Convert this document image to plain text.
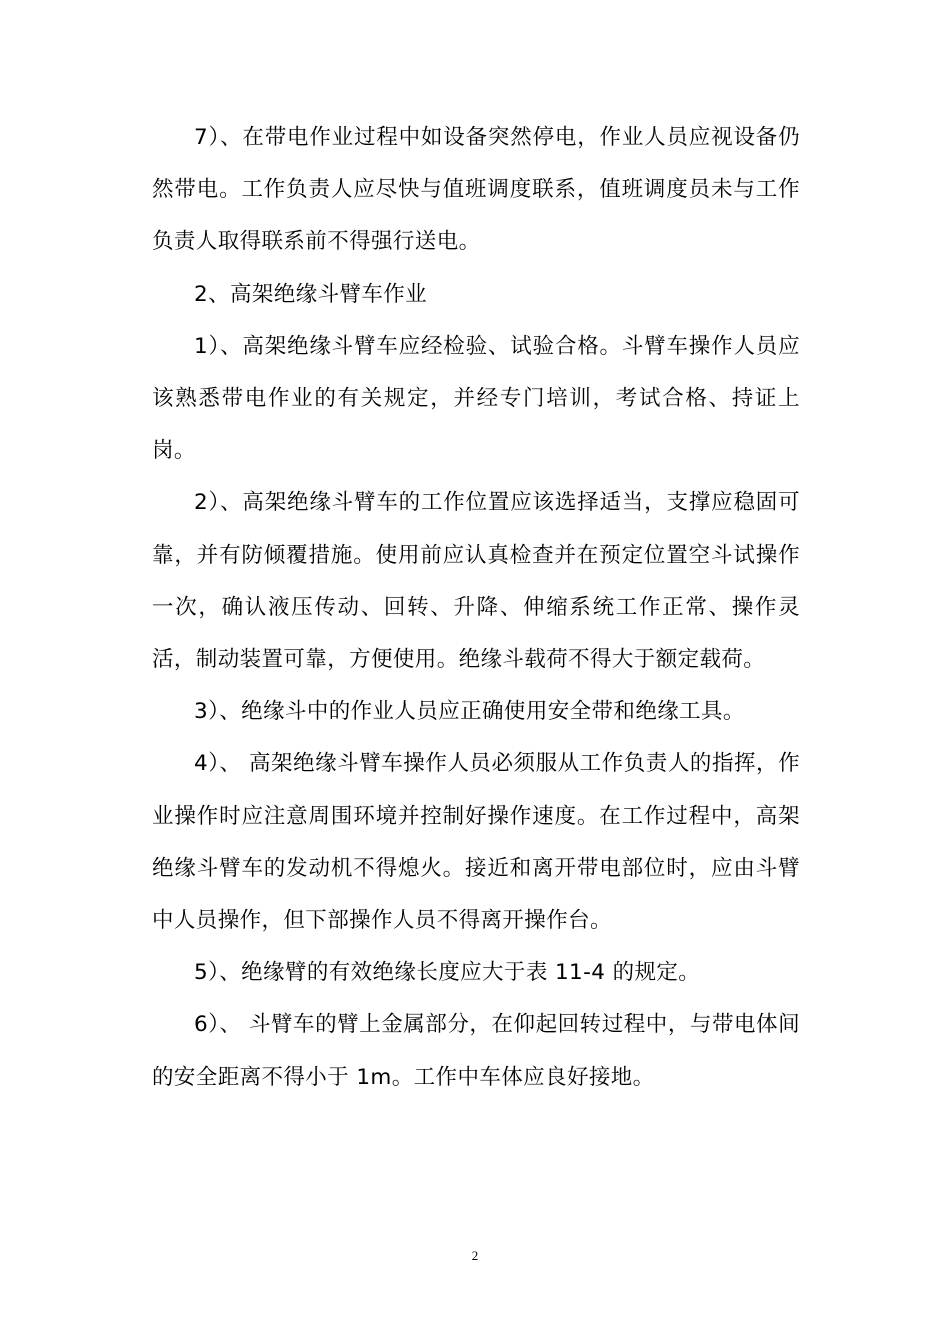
7）、在带电作业过程中如设备突然停电，作业人员应视设备仍然带电。工作负责人应尽快与值班调度联系，值班调度员未与工作负责人取得联系前不得强行送电。

2、高架绝缘斗臂车作业

1）、高架绝缘斗臂车应经检验、试验合格。斗臂车操作人员应该熟悉带电作业的有关规定，并经专门培训，考试合格、持证上岗。

2）、高架绝缘斗臂车的工作位置应该选择适当，支撑应稳固可靠，并有防倾覆措施。使用前应认真检查并在预定位置空斗试操作一次，确认液压传动、回转、升降、伸缩系统工作正常、操作灵活，制动装置可靠，方便使用。绝缘斗载荷不得大于额定载荷。

3）、绝缘斗中的作业人员应正确使用安全带和绝缘工具。

4）、 高架绝缘斗臂车操作人员必须服从工作负责人的指挥，作业操作时应注意周围环境并控制好操作速度。在工作过程中，高架绝缘斗臂车的发动机不得熄火。接近和离开带电部位时，应由斗臂中人员操作，但下部操作人员不得离开操作台。

5）、绝缘臂的有效绝缘长度应大于表 11-4 的规定。

6）、 斗臂车的臂上金属部分，在仰起回转过程中，与带电体间的安全距离不得小于 1m。工作中车体应良好接地。

2
